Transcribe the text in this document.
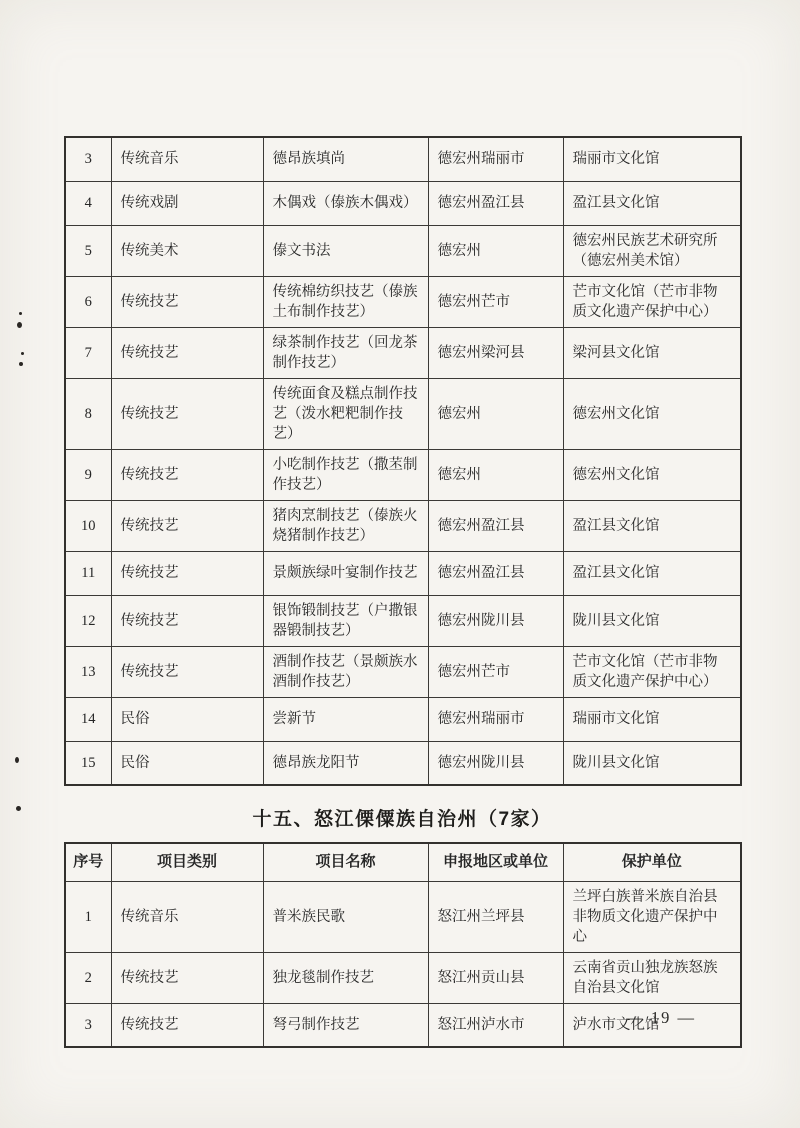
3	传统音乐	德昂族填尚	德宏州瑞丽市	瑞丽市文化馆
4	传统戏剧	木偶戏（傣族木偶戏）	德宏州盈江县	盈江县文化馆
5	传统美术	傣文书法	德宏州	德宏州民族艺术研究所（德宏州美术馆）
6	传统技艺	传统棉纺织技艺（傣族土布制作技艺）	德宏州芒市	芒市文化馆（芒市非物质文化遗产保护中心）
7	传统技艺	绿茶制作技艺（回龙茶制作技艺）	德宏州梁河县	梁河县文化馆
8	传统技艺	传统面食及糕点制作技艺（泼水粑粑制作技艺）	德宏州	德宏州文化馆
9	传统技艺	小吃制作技艺（撒苤制作技艺）	德宏州	德宏州文化馆
10	传统技艺	猪肉烹制技艺（傣族火烧猪制作技艺）	德宏州盈江县	盈江县文化馆
11	传统技艺	景颇族绿叶宴制作技艺	德宏州盈江县	盈江县文化馆
12	传统技艺	银饰锻制技艺（户撒银器锻制技艺）	德宏州陇川县	陇川县文化馆
13	传统技艺	酒制作技艺（景颇族水酒制作技艺）	德宏州芒市	芒市文化馆（芒市非物质文化遗产保护中心）
14	民俗	尝新节	德宏州瑞丽市	瑞丽市文化馆
15	民俗	德昂族龙阳节	德宏州陇川县	陇川县文化馆
十五、怒江傈僳族自治州（7家）
序号	项目类别	项目名称	申报地区或单位	保护单位
1	传统音乐	普米族民歌	怒江州兰坪县	兰坪白族普米族自治县非物质文化遗产保护中心
2	传统技艺	独龙毯制作技艺	怒江州贡山县	云南省贡山独龙族怒族自治县文化馆
3	传统技艺	弩弓制作技艺	怒江州泸水市	泸水市文化馆
— 19 —
